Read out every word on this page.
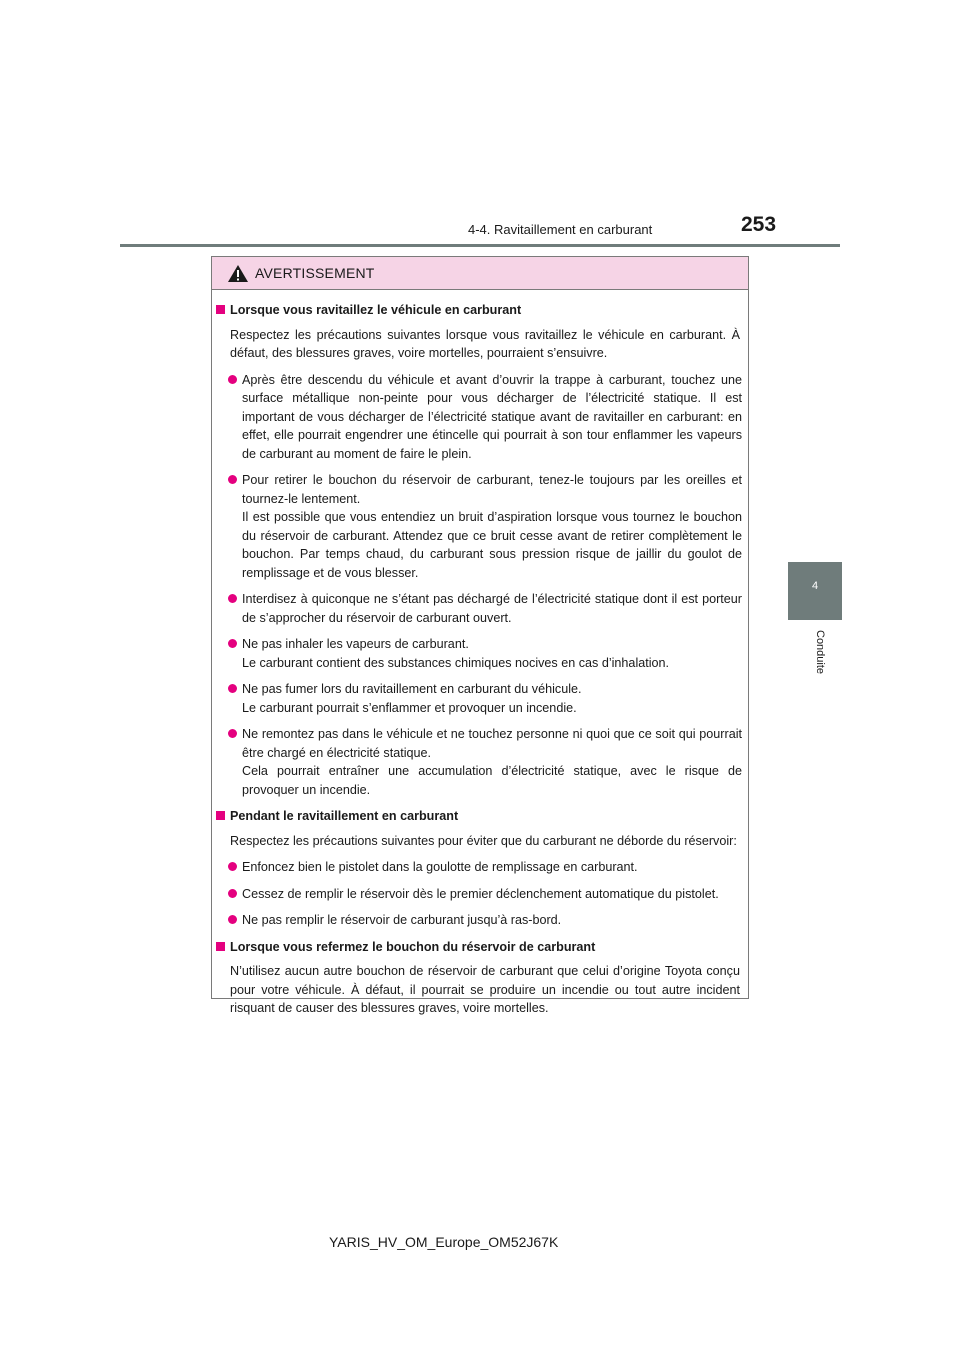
4-4. Ravitaillement en carburant	253
4
Conduite
AVERTISSEMENT
Lorsque vous ravitaillez le véhicule en carburant
Respectez les précautions suivantes lorsque vous ravitaillez le véhicule en carburant. À défaut, des blessures graves, voire mortelles, pourraient s’ensuivre.
Après être descendu du véhicule et avant d’ouvrir la trappe à carburant, touchez une surface métallique non-peinte pour vous décharger de l’électricité statique. Il est important de vous décharger de l’électricité statique avant de ravitailler en carburant: en effet, elle pourrait engendrer une étincelle qui pourrait à son tour enflammer les vapeurs de carburant au moment de faire le plein.
Pour retirer le bouchon du réservoir de carburant, tenez-le toujours par les oreilles et tournez-le lentement.
Il est possible que vous entendiez un bruit d’aspiration lorsque vous tournez le bouchon du réservoir de carburant. Attendez que ce bruit cesse avant de retirer complètement le bouchon. Par temps chaud, du carburant sous pression risque de jaillir du goulot de remplissage et de vous blesser.
Interdisez à quiconque ne s’étant pas déchargé de l’électricité statique dont il est porteur de s’approcher du réservoir de carburant ouvert.
Ne pas inhaler les vapeurs de carburant.
Le carburant contient des substances chimiques nocives en cas d’inhalation.
Ne pas fumer lors du ravitaillement en carburant du véhicule.
Le carburant pourrait s’enflammer et provoquer un incendie.
Ne remontez pas dans le véhicule et ne touchez personne ni quoi que ce soit qui pourrait être chargé en électricité statique.
Cela pourrait entraîner une accumulation d’électricité statique, avec le risque de provoquer un incendie.
Pendant le ravitaillement en carburant
Respectez les précautions suivantes pour éviter que du carburant ne déborde du réservoir:
Enfoncez bien le pistolet dans la goulotte de remplissage en carburant.
Cessez de remplir le réservoir dès le premier déclenchement automatique du pistolet.
Ne pas remplir le réservoir de carburant jusqu’à ras-bord.
Lorsque vous refermez le bouchon du réservoir de carburant
N’utilisez aucun autre bouchon de réservoir de carburant que celui d’origine Toyota conçu pour votre véhicule. À défaut, il pourrait se produire un incendie ou tout autre incident risquant de causer des blessures graves, voire mortelles.
YARIS_HV_OM_Europe_OM52J67K
